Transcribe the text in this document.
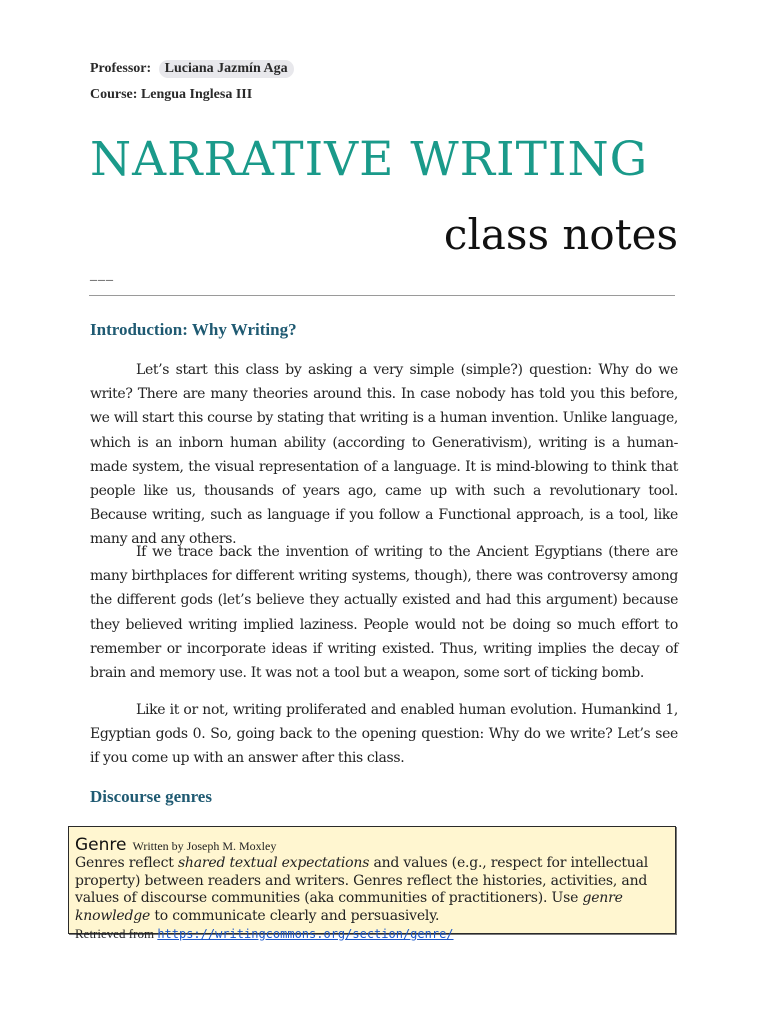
Professor: Luciana Jazmín Aga
Course: Lengua Inglesa III
NARRATIVE WRITING
class notes
___
Introduction: Why Writing?
Let’s start this class by asking a very simple (simple?) question: Why do we write? There are many theories around this. In case nobody has told you this before, we will start this course by stating that writing is a human invention. Unlike language, which is an inborn human ability (according to Generativism), writing is a human-made system, the visual representation of a language. It is mind-blowing to think that people like us, thousands of years ago, came up with such a revolutionary tool. Because writing, such as language if you follow a Functional approach, is a tool, like many and any others.
If we trace back the invention of writing to the Ancient Egyptians (there are many birthplaces for different writing systems, though), there was controversy among the different gods (let’s believe they actually existed and had this argument) because they believed writing implied laziness. People would not be doing so much effort to remember or incorporate ideas if writing existed. Thus, writing implies the decay of brain and memory use. It was not a tool but a weapon, some sort of ticking bomb.
Like it or not, writing proliferated and enabled human evolution. Humankind 1, Egyptian gods 0. So, going back to the opening question: Why do we write? Let’s see if you come up with an answer after this class.
Discourse genres
Genre Written by Joseph M. Moxley
Genres reflect shared textual expectations and values (e.g., respect for intellectual property) between readers and writers. Genres reflect the histories, activities, and values of discourse communities (aka communities of practitioners). Use genre knowledge to communicate clearly and persuasively.
Retrieved from https://writingcommons.org/section/genre/
